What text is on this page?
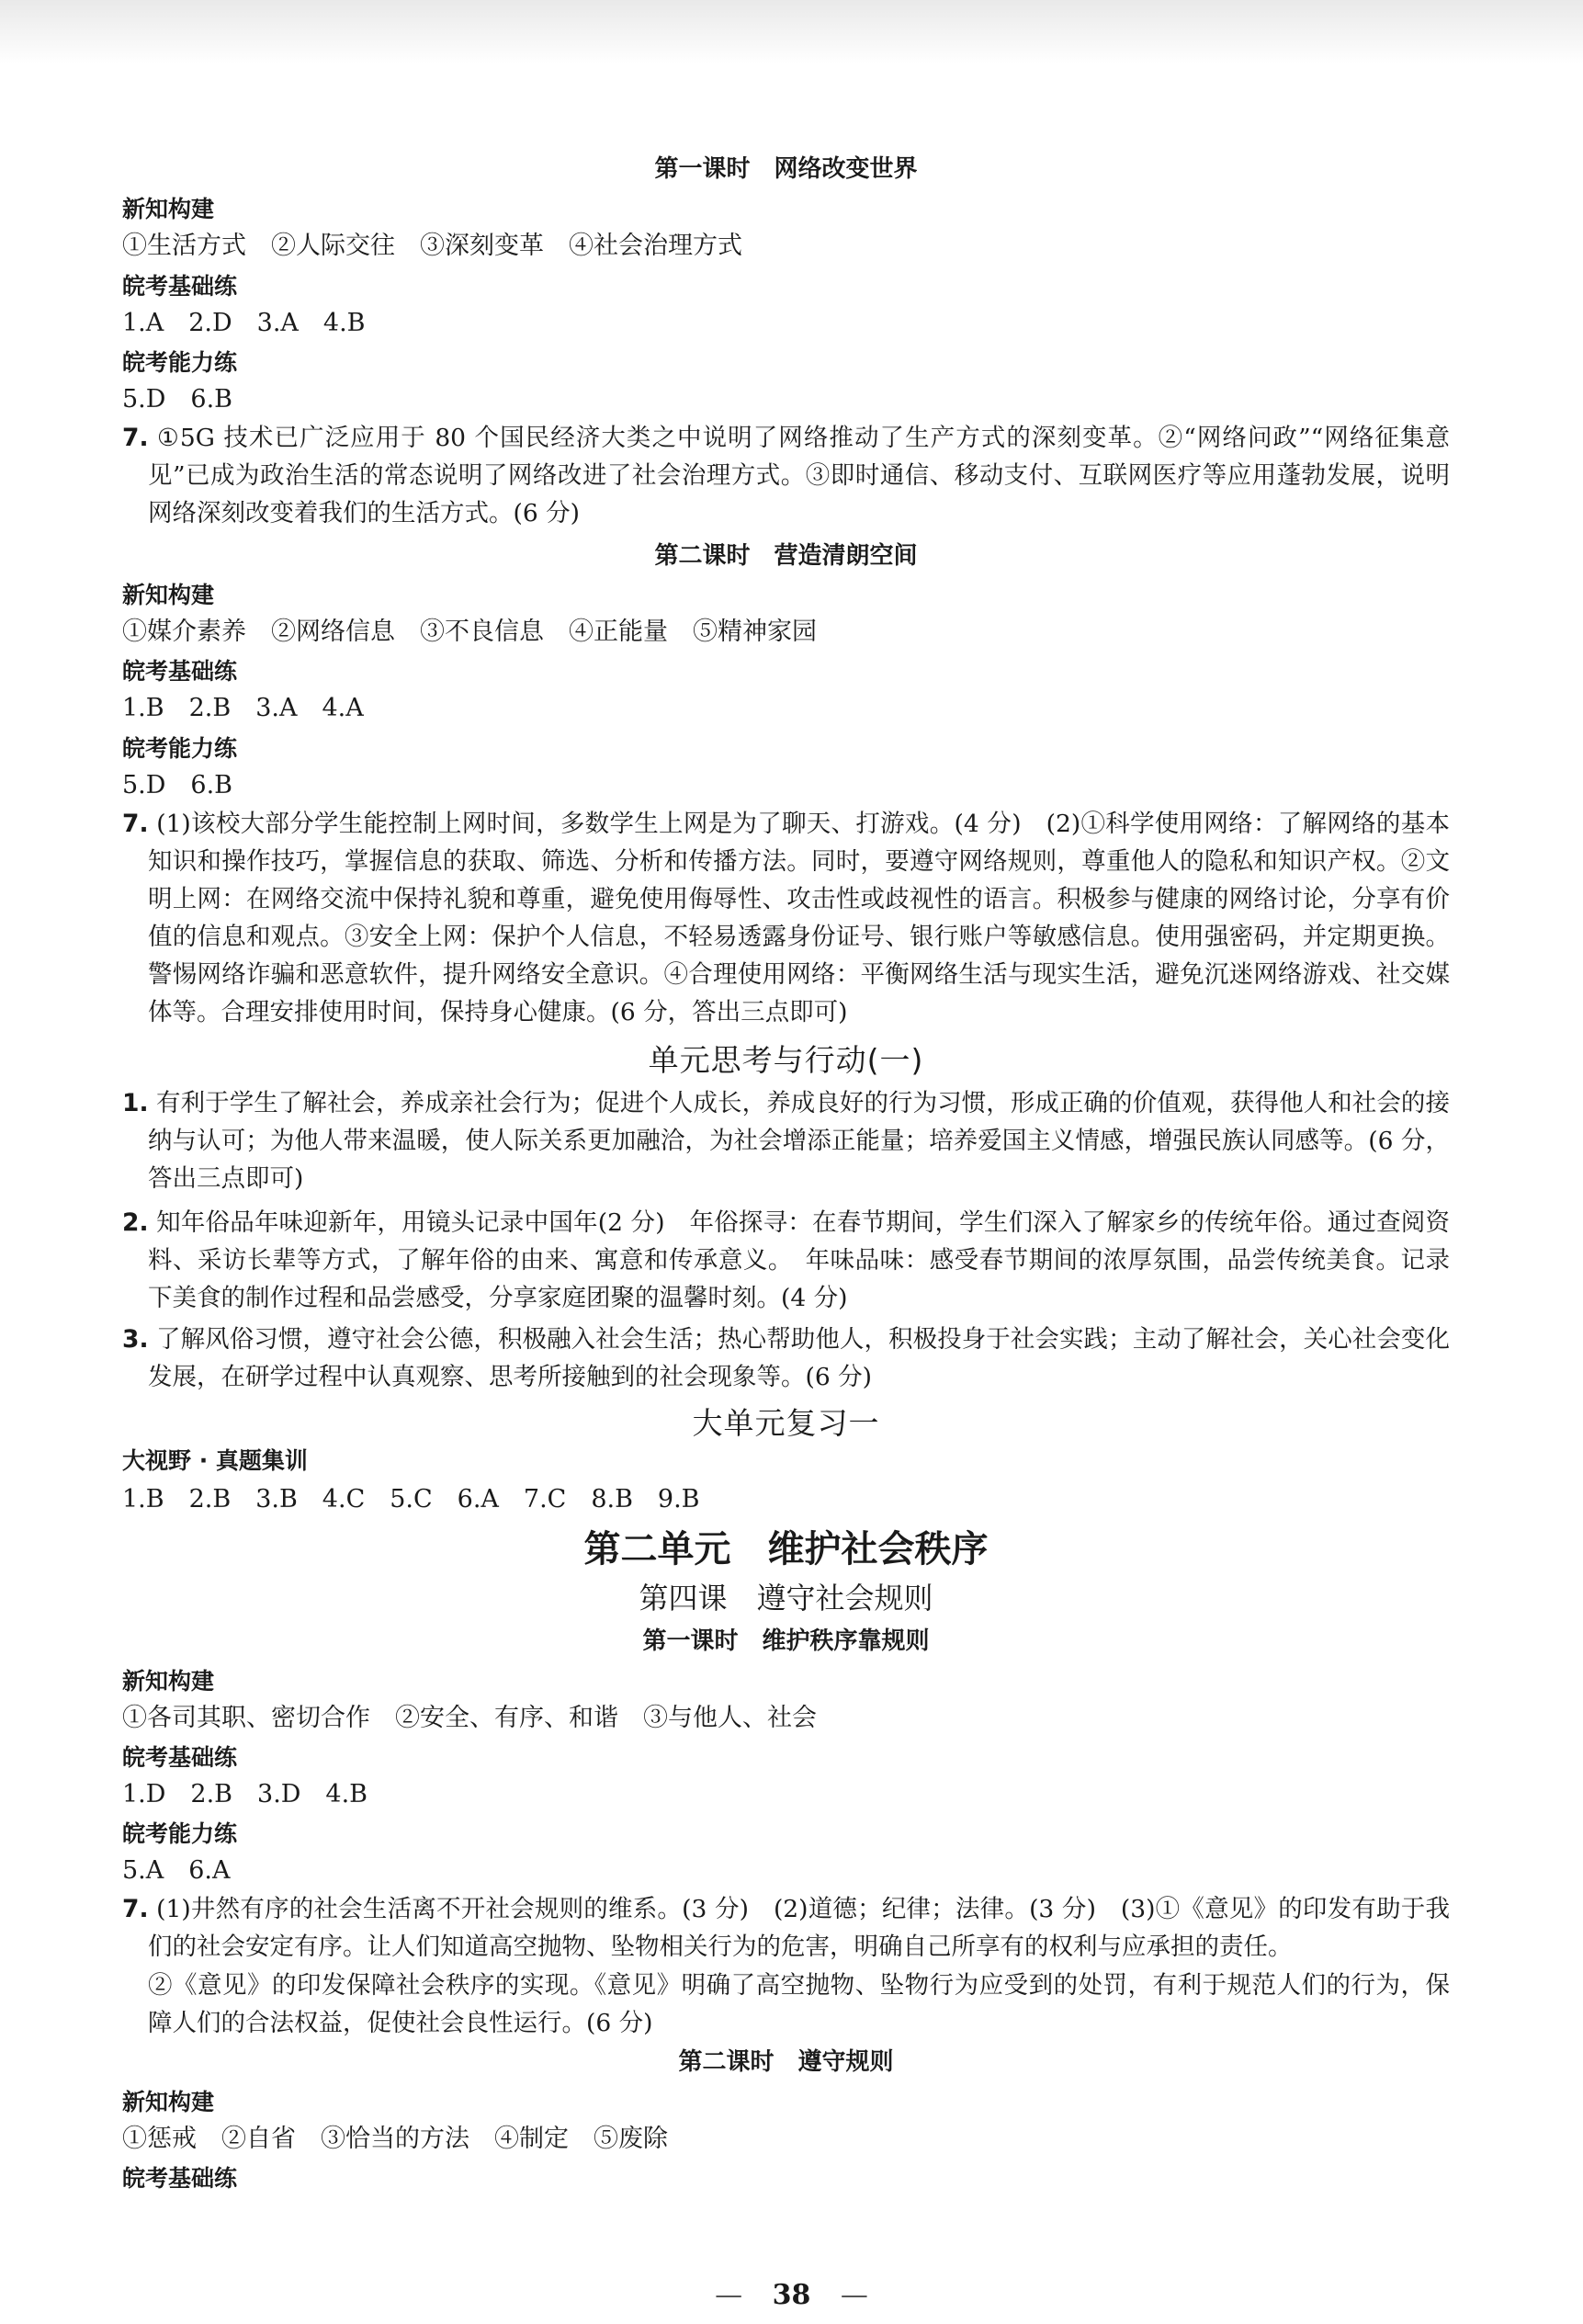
第一课时　网络改变世界
新知构建
①生活方式　②人际交往　③深刻变革　④社会治理方式
皖考基础练
1.A　2.D　3.A　4.B
皖考能力练
5.D　6.B
7. ①5G 技术已广泛应用于 80 个国民经济大类之中说明了网络推动了生产方式的深刻变革。②“网络问政”“网络征集意见”已成为政治生活的常态说明了网络改进了社会治理方式。③即时通信、移动支付、互联网医疗等应用蓬勃发展，说明网络深刻改变着我们的生活方式。(6 分)
第二课时　营造清朗空间
新知构建
①媒介素养　②网络信息　③不良信息　④正能量　⑤精神家园
皖考基础练
1.B　2.B　3.A　4.A
皖考能力练
5.D　6.B
7. (1)该校大部分学生能控制上网时间，多数学生上网是为了聊天、打游戏。(4 分)　(2)①科学使用网络：了解网络的基本知识和操作技巧，掌握信息的获取、筛选、分析和传播方法。同时，要遵守网络规则，尊重他人的隐私和知识产权。②文明上网：在网络交流中保持礼貌和尊重，避免使用侮辱性、攻击性或歧视性的语言。积极参与健康的网络讨论，分享有价值的信息和观点。③安全上网：保护个人信息，不轻易透露身份证号、银行账户等敏感信息。使用强密码，并定期更换。警惕网络诈骗和恶意软件，提升网络安全意识。④合理使用网络：平衡网络生活与现实生活，避免沉迷网络游戏、社交媒体等。合理安排使用时间，保持身心健康。(6 分，答出三点即可)
单元思考与行动(一)
1. 有利于学生了解社会，养成亲社会行为；促进个人成长，养成良好的行为习惯，形成正确的价值观，获得他人和社会的接纳与认可；为他人带来温暖，使人际关系更加融洽，为社会增添正能量；培养爱国主义情感，增强民族认同感等。(6 分，答出三点即可)
2. 知年俗品年味迎新年，用镜头记录中国年(2 分)　年俗探寻：在春节期间，学生们深入了解家乡的传统年俗。通过查阅资料、采访长辈等方式，了解年俗的由来、寓意和传承意义。　年味品味：感受春节期间的浓厚氛围，品尝传统美食。记录下美食的制作过程和品尝感受，分享家庭团聚的温馨时刻。(4 分)
3. 了解风俗习惯，遵守社会公德，积极融入社会生活；热心帮助他人，积极投身于社会实践；主动了解社会，关心社会变化发展，在研学过程中认真观察、思考所接触到的社会现象等。(6 分)
大单元复习一
大视野 · 真题集训
1.B　2.B　3.B　4.C　5.C　6.A　7.C　8.B　9.B
第二单元　维护社会秩序
第四课　遵守社会规则
第一课时　维护秩序靠规则
新知构建
①各司其职、密切合作　②安全、有序、和谐　③与他人、社会
皖考基础练
1.D　2.B　3.D　4.B
皖考能力练
5.A　6.A
7. (1)井然有序的社会生活离不开社会规则的维系。(3 分)　(2)道德；纪律；法律。(3 分)　(3)①《意见》的印发有助于我们的社会安定有序。让人们知道高空抛物、坠物相关行为的危害，明确自己所享有的权利与应承担的责任。
②《意见》的印发保障社会秩序的实现。《意见》明确了高空抛物、坠物行为应受到的处罚，有利于规范人们的行为，保障人们的合法权益，促使社会良性运行。(6 分)
第二课时　遵守规则
新知构建
①惩戒　②自省　③恰当的方法　④制定　⑤废除
皖考基础练
— 38 —
